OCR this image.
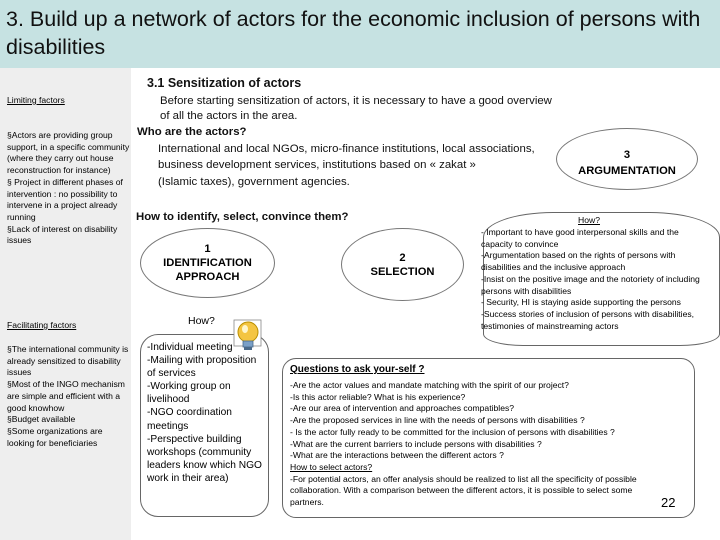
3. Build up a network of actors for the economic inclusion of persons with disabilities
3.1 Sensitization of actors
Limiting factors
§Actors are providing group support, in a specific community (where they carry out house reconstruction for instance)
§ Project in different phases of intervention : no possibility to intervene in a project already running
§Lack of interest on disability issues
Facilitating factors
§The international community is already sensitized to disability issues
§Most of the INGO mechanism are simple and efficient with a good knowhow
§Budget available
§Some organizations are looking for beneficiaries
Before starting sensitization of actors, it is necessary to have a good overview
of all the actors in the area.
Who are the actors?
International and local NGOs, micro-finance institutions, local associations,
business development services, institutions based on « zakat »
(Islamic taxes), government agencies.
How to identify, select, convince them?
3
ARGUMENTATION
How?
- Important to have good interpersonal skills and the capacity to convince
-Argumentation based on the rights of persons with disabilities and the inclusive approach
-Insist on the positive image and the notoriety of including persons with disabilities
- Security, HI is staying aside supporting the persons
-Success stories of inclusion of persons with disabilities, testimonies of mainstreaming actors
1
IDENTIFICATION
APPROACH
2
SELECTION
How?
-Individual meeting
-Mailing with proposition of services
-Working group on livelihood
-NGO coordination meetings
-Perspective building workshops (community leaders know which NGO work in their area)
Questions to ask your-self ?
-Are the actor values and mandate matching with the spirit of our project?
-Is this actor reliable? What is his experience?
-Are our area of intervention and approaches compatibles?
-Are the proposed services in line with the needs of persons with disabilities ?
- Is the actor fully ready to be committed for the inclusion of persons with disabilities ?
-What are the current barriers to include persons with disabilities ?
-What are the interactions between the different actors ?
How to select actors?
-For potential actors, an offer analysis should be realized to list all the specificity of possible collaboration. With a comparison between the different actors, it is possible to select some partners.	22
